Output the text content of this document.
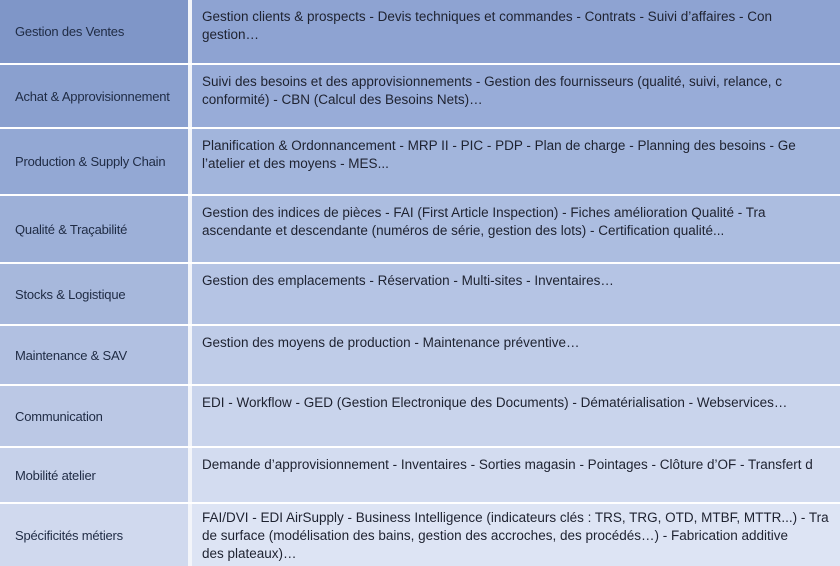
Gestion des Ventes
Gestion clients & prospects - Devis techniques et commandes - Contrats - Suivi d’affaires - Con
gestion…
Achat & Approvisionnement
Suivi des besoins et des approvisionnements - Gestion des fournisseurs (qualité, suivi, relance, c
conformité) - CBN (Calcul des Besoins Nets)…
Production & Supply Chain
Planification & Ordonnancement - MRP II - PIC - PDP - Plan de charge - Planning des besoins - Ge
l’atelier et des moyens - MES...
Qualité & Traçabilité
Gestion des indices de pièces - FAI (First Article Inspection) - Fiches amélioration Qualité - Tra
ascendante et descendante (numéros de série, gestion des lots) - Certification qualité...
Stocks & Logistique
Gestion des emplacements - Réservation - Multi-sites - Inventaires…
Maintenance & SAV
Gestion des moyens de production - Maintenance préventive…
Communication
EDI - Workflow - GED (Gestion Electronique des Documents) - Dématérialisation - Webservices…
Mobilité atelier
Demande d’approvisionnement - Inventaires - Sorties magasin - Pointages - Clôture d’OF - Transfert d
Spécificités métiers
FAI/DVI - EDI AirSupply - Business Intelligence (indicateurs clés : TRS, TRG, OTD, MTBF, MTTR...) - Tra
de surface (modélisation des bains, gestion des accroches, des procédés…) - Fabrication additive
des plateaux)…
